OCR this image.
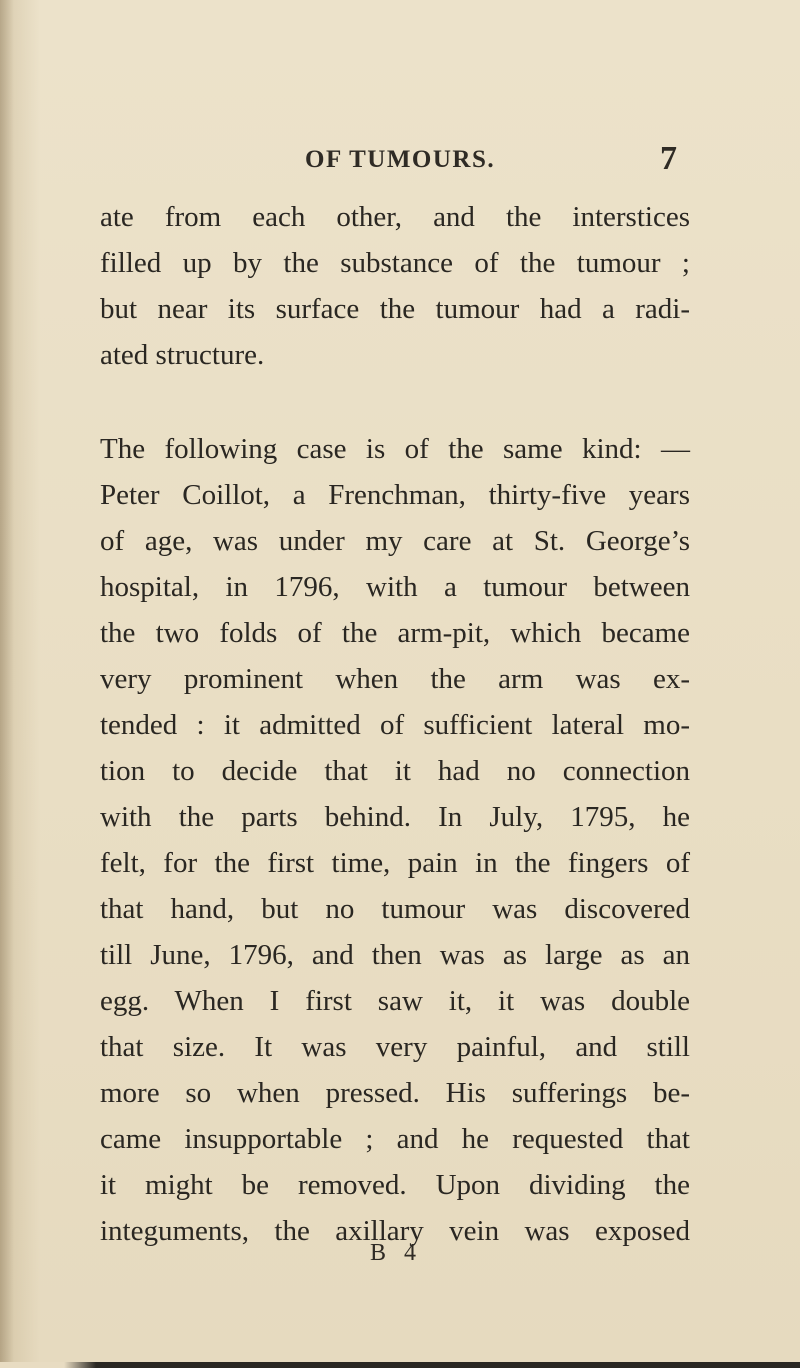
OF TUMOURS.	7
ate from each other, and the interstices
filled up by the substance of the tumour ;
but near its surface the tumour had a radi-
ated structure.
The following case is of the same kind: —
Peter Coillot, a Frenchman, thirty-five years
of age, was under my care at St. George’s
hospital, in 1796, with a tumour between
the two folds of the arm-pit, which became
very prominent when the arm was ex-
tended : it admitted of sufficient lateral mo-
tion to decide that it had no connection
with the parts behind. In July, 1795, he
felt, for the first time, pain in the fingers of
that hand, but no tumour was discovered
till June, 1796, and then was as large as an
egg. When I first saw it, it was double
that size. It was very painful, and still
more so when pressed. His sufferings be-
came insupportable ; and he requested that
it might be removed. Upon dividing the
integuments, the axillary vein was exposed
B 4
